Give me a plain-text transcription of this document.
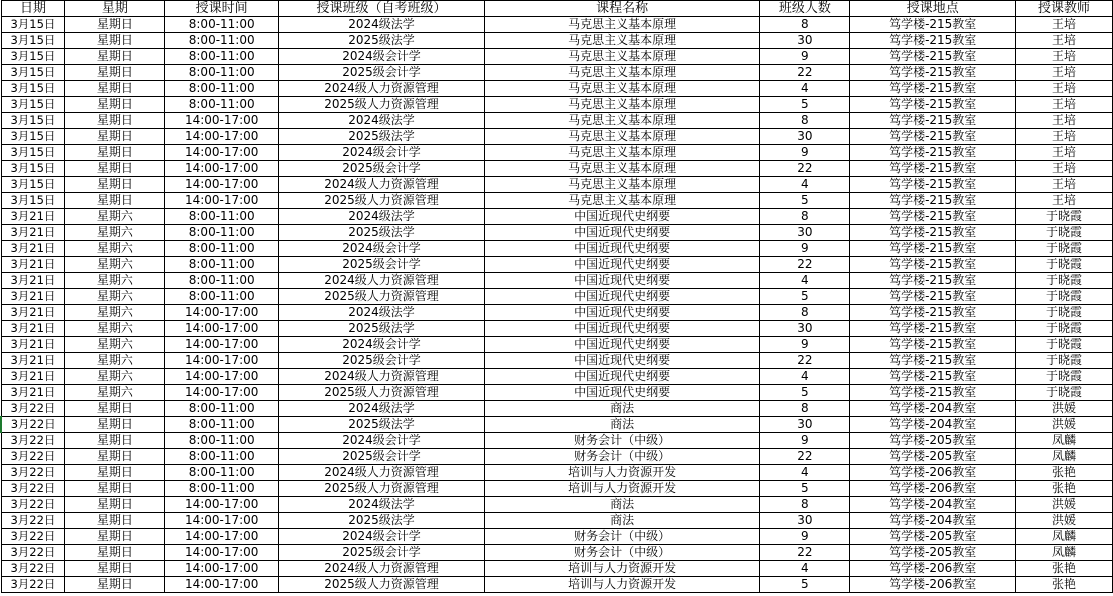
日期	星期	授课时间	授课班级（自考班级）	课程名称	班级人数	授课地点	授课教师
3月15日	星期日	8:00-11:00	2024级法学	马克思主义基本原理	8	笃学楼-215教室	王培
3月15日	星期日	8:00-11:00	2025级法学	马克思主义基本原理	30	笃学楼-215教室	王培
3月15日	星期日	8:00-11:00	2024级会计学	马克思主义基本原理	9	笃学楼-215教室	王培
3月15日	星期日	8:00-11:00	2025级会计学	马克思主义基本原理	22	笃学楼-215教室	王培
3月15日	星期日	8:00-11:00	2024级人力资源管理	马克思主义基本原理	4	笃学楼-215教室	王培
3月15日	星期日	8:00-11:00	2025级人力资源管理	马克思主义基本原理	5	笃学楼-215教室	王培
3月15日	星期日	14:00-17:00	2024级法学	马克思主义基本原理	8	笃学楼-215教室	王培
3月15日	星期日	14:00-17:00	2025级法学	马克思主义基本原理	30	笃学楼-215教室	王培
3月15日	星期日	14:00-17:00	2024级会计学	马克思主义基本原理	9	笃学楼-215教室	王培
3月15日	星期日	14:00-17:00	2025级会计学	马克思主义基本原理	22	笃学楼-215教室	王培
3月15日	星期日	14:00-17:00	2024级人力资源管理	马克思主义基本原理	4	笃学楼-215教室	王培
3月15日	星期日	14:00-17:00	2025级人力资源管理	马克思主义基本原理	5	笃学楼-215教室	王培
3月21日	星期六	8:00-11:00	2024级法学	中国近现代史纲要	8	笃学楼-215教室	于晓霞
3月21日	星期六	8:00-11:00	2025级法学	中国近现代史纲要	30	笃学楼-215教室	于晓霞
3月21日	星期六	8:00-11:00	2024级会计学	中国近现代史纲要	9	笃学楼-215教室	于晓霞
3月21日	星期六	8:00-11:00	2025级会计学	中国近现代史纲要	22	笃学楼-215教室	于晓霞
3月21日	星期六	8:00-11:00	2024级人力资源管理	中国近现代史纲要	4	笃学楼-215教室	于晓霞
3月21日	星期六	8:00-11:00	2025级人力资源管理	中国近现代史纲要	5	笃学楼-215教室	于晓霞
3月21日	星期六	14:00-17:00	2024级法学	中国近现代史纲要	8	笃学楼-215教室	于晓霞
3月21日	星期六	14:00-17:00	2025级法学	中国近现代史纲要	30	笃学楼-215教室	于晓霞
3月21日	星期六	14:00-17:00	2024级会计学	中国近现代史纲要	9	笃学楼-215教室	于晓霞
3月21日	星期六	14:00-17:00	2025级会计学	中国近现代史纲要	22	笃学楼-215教室	于晓霞
3月21日	星期六	14:00-17:00	2024级人力资源管理	中国近现代史纲要	4	笃学楼-215教室	于晓霞
3月21日	星期六	14:00-17:00	2025级人力资源管理	中国近现代史纲要	5	笃学楼-215教室	于晓霞
3月22日	星期日	8:00-11:00	2024级法学	商法	8	笃学楼-204教室	洪媛
3月22日	星期日	8:00-11:00	2025级法学	商法	30	笃学楼-204教室	洪媛
3月22日	星期日	8:00-11:00	2024级会计学	财务会计（中级）	9	笃学楼-205教室	凤麟
3月22日	星期日	8:00-11:00	2025级会计学	财务会计（中级）	22	笃学楼-205教室	凤麟
3月22日	星期日	8:00-11:00	2024级人力资源管理	培训与人力资源开发	4	笃学楼-206教室	张艳
3月22日	星期日	8:00-11:00	2025级人力资源管理	培训与人力资源开发	5	笃学楼-206教室	张艳
3月22日	星期日	14:00-17:00	2024级法学	商法	8	笃学楼-204教室	洪媛
3月22日	星期日	14:00-17:00	2025级法学	商法	30	笃学楼-204教室	洪媛
3月22日	星期日	14:00-17:00	2024级会计学	财务会计（中级）	9	笃学楼-205教室	凤麟
3月22日	星期日	14:00-17:00	2025级会计学	财务会计（中级）	22	笃学楼-205教室	凤麟
3月22日	星期日	14:00-17:00	2024级人力资源管理	培训与人力资源开发	4	笃学楼-206教室	张艳
3月22日	星期日	14:00-17:00	2025级人力资源管理	培训与人力资源开发	5	笃学楼-206教室	张艳
